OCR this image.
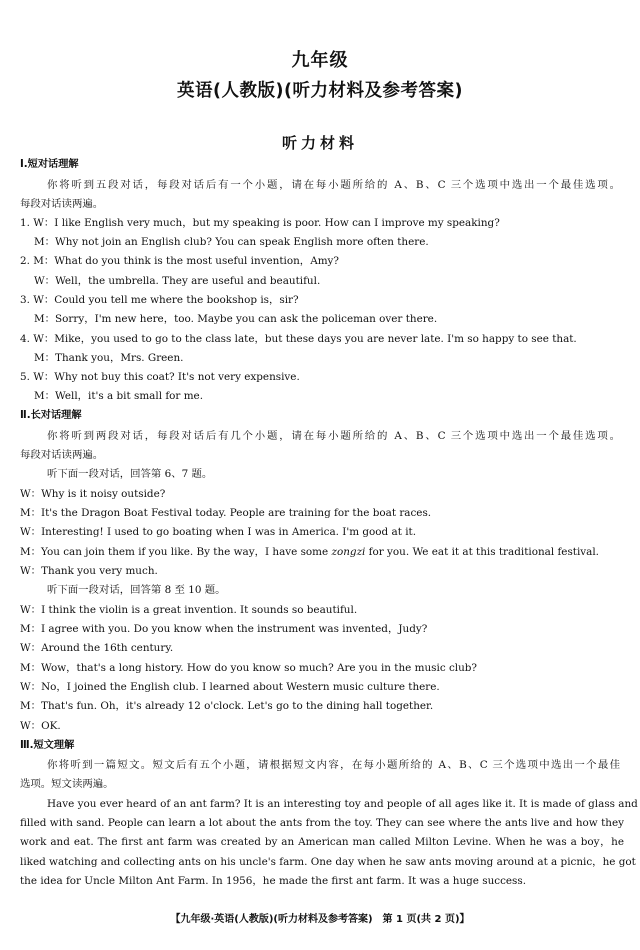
九年级
英语(人教版)(听力材料及参考答案)
听力材料
Ⅰ.短对话理解
你将听到五段对话，每段对话后有一个小题，请在每小题所给的 A、B、C 三个选项中选出一个最佳选项。
每段对话读两遍。
1. W：I like English very much，but my speaking is poor. How can I improve my speaking?
M：Why not join an English club? You can speak English more often there.
2. M：What do you think is the most useful invention，Amy?
W：Well，the umbrella. They are useful and beautiful.
3. W：Could you tell me where the bookshop is，sir?
M：Sorry，I'm new here，too. Maybe you can ask the policeman over there.
4. W：Mike，you used to go to the class late，but these days you are never late. I'm so happy to see that.
M：Thank you，Mrs. Green.
5. W：Why not buy this coat? It's not very expensive.
M：Well，it's a bit small for me.
Ⅱ.长对话理解
你将听到两段对话，每段对话后有几个小题，请在每小题所给的 A、B、C 三个选项中选出一个最佳选项。
每段对话读两遍。
听下面一段对话，回答第 6、7 题。
W：Why is it noisy outside?
M：It's the Dragon Boat Festival today. People are training for the boat races.
W：Interesting! I used to go boating when I was in America. I'm good at it.
M：You can join them if you like. By the way，I have some zongzi for you. We eat it at this traditional festival.
W：Thank you very much.
听下面一段对话，回答第 8 至 10 题。
W：I think the violin is a great invention. It sounds so beautiful.
M：I agree with you. Do you know when the instrument was invented，Judy?
W：Around the 16th century.
M：Wow，that's a long history. How do you know so much? Are you in the music club?
W：No，I joined the English club. I learned about Western music culture there.
M：That's fun. Oh，it's already 12 o'clock. Let's go to the dining hall together.
W：OK.
Ⅲ.短文理解
你将听到一篇短文。短文后有五个小题，请根据短文内容，在每小题所给的 A、B、C 三个选项中选出一个最佳
选项。短文读两遍。
Have you ever heard of an ant farm? It is an interesting toy and people of all ages like it. It is made of glass and
filled with sand. People can learn a lot about the ants from the toy. They can see where the ants live and how they
work and eat. The first ant farm was created by an American man called Milton Levine. When he was a boy，he
liked watching and collecting ants on his uncle's farm. One day when he saw ants moving around at a picnic，he got
the idea for Uncle Milton Ant Farm. In 1956，he made the first ant farm. It was a huge success.
【九年级·英语(人教版)(听力材料及参考答案)　第 1 页(共 2 页)】
